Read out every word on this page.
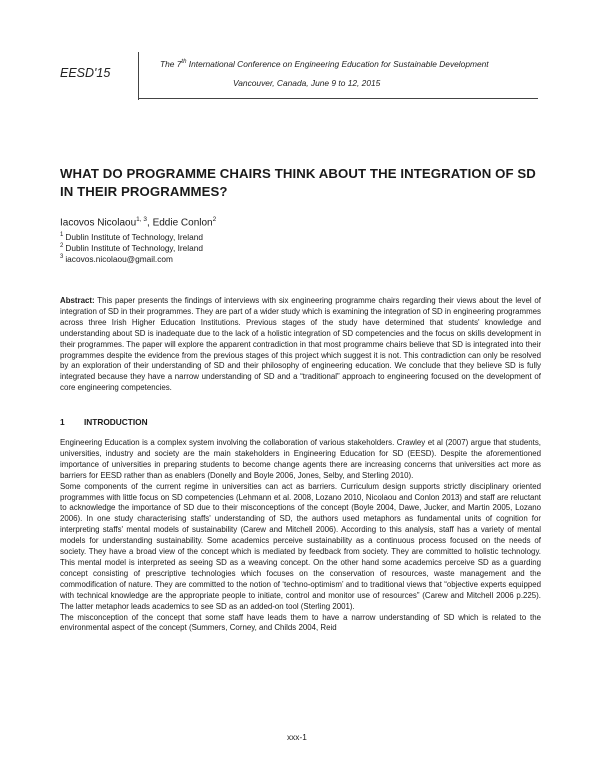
EESD'15
The 7th International Conference on Engineering Education for Sustainable Development
Vancouver, Canada, June 9 to 12, 2015
WHAT DO PROGRAMME CHAIRS THINK ABOUT THE INTEGRATION OF SD IN THEIR PROGRAMMES?
Iacovos Nicolaou$^{1, 3}$, Eddie Conlon$^2$
$^1$ Dublin Institute of Technology, Ireland
$^2$ Dublin Institute of Technology, Ireland
$^3$ iacovos.nicolaou@gmail.com

Abstract: This paper presents the findings of interviews with six engineering programme chairs regarding their views about the level of integration of SD in their programmes. They are part of a wider study which is examining the integration of SD in engineering programmes across three Irish Higher Education Institutions. Previous stages of the study have determined that students' knowledge and understanding about SD is inadequate due to the lack of a holistic integration of SD competencies and the focus on skills development in their programmes. The paper will explore the apparent contradiction in that most programme chairs believe that SD is integrated into their programmes despite the evidence from the previous stages of this project which suggest it is not. This contradiction can only be resolved by an exploration of their understanding of SD and their philosophy of engineering education. We conclude that they believe SD is fully integrated because they have a narrow understanding of SD and a “traditional” approach to engineering focused on the development of core engineering competencies.

1 INTRODUCTION

Engineering Education is a complex system involving the collaboration of various stakeholders. Crawley et al (2007) argue that students, universities, industry and society are the main stakeholders in Engineering Education for SD (EESD). Despite the aforementioned importance of universities in preparing students to become change agents there are increasing concerns that universities act more as barriers for EESD rather than as enablers (Donelly and Boyle 2006, Jones, Selby, and Sterling 2010).

Some components of the current regime in universities can act as barriers. Curriculum design supports strictly disciplinary oriented programmes with little focus on SD competencies (Lehmann et al. 2008, Lozano 2010, Nicolaou and Conlon 2013) and staff are reluctant to acknowledge the importance of SD due to their misconceptions of the concept (Boyle 2004, Dawe, Jucker, and Martin 2005, Lozano 2006). In one study characterising staffs' understanding of SD, the authors used metaphors as fundamental units of cognition for interpreting staffs' mental models of sustainability (Carew and Mitchell 2006). According to this analysis, staff has a variety of mental models for understanding sustainability. Some academics perceive sustainability as a continuous process focused on the needs of society. They have a broad view of the concept which is mediated by feedback from society. They are committed to holistic technology. This mental model is interpreted as seeing SD as a weaving concept. On the other hand some academics perceive SD as a guarding concept consisting of prescriptive technologies which focuses on the conservation of resources, waste management and the commodification of nature. They are committed to the notion of ‘techno-optimism’ and to traditional views that “objective experts equipped with technical knowledge are the appropriate people to initiate, control and monitor use of resources” (Carew and Mitchell 2006 p.225). The latter metaphor leads academics to see SD as an added-on tool (Sterling 2001).

The misconception of the concept that some staff have leads them to have a narrow understanding of SD which is related to the environmental aspect of the concept (Summers, Corney, and Childs 2004, Reid

xxx-1
